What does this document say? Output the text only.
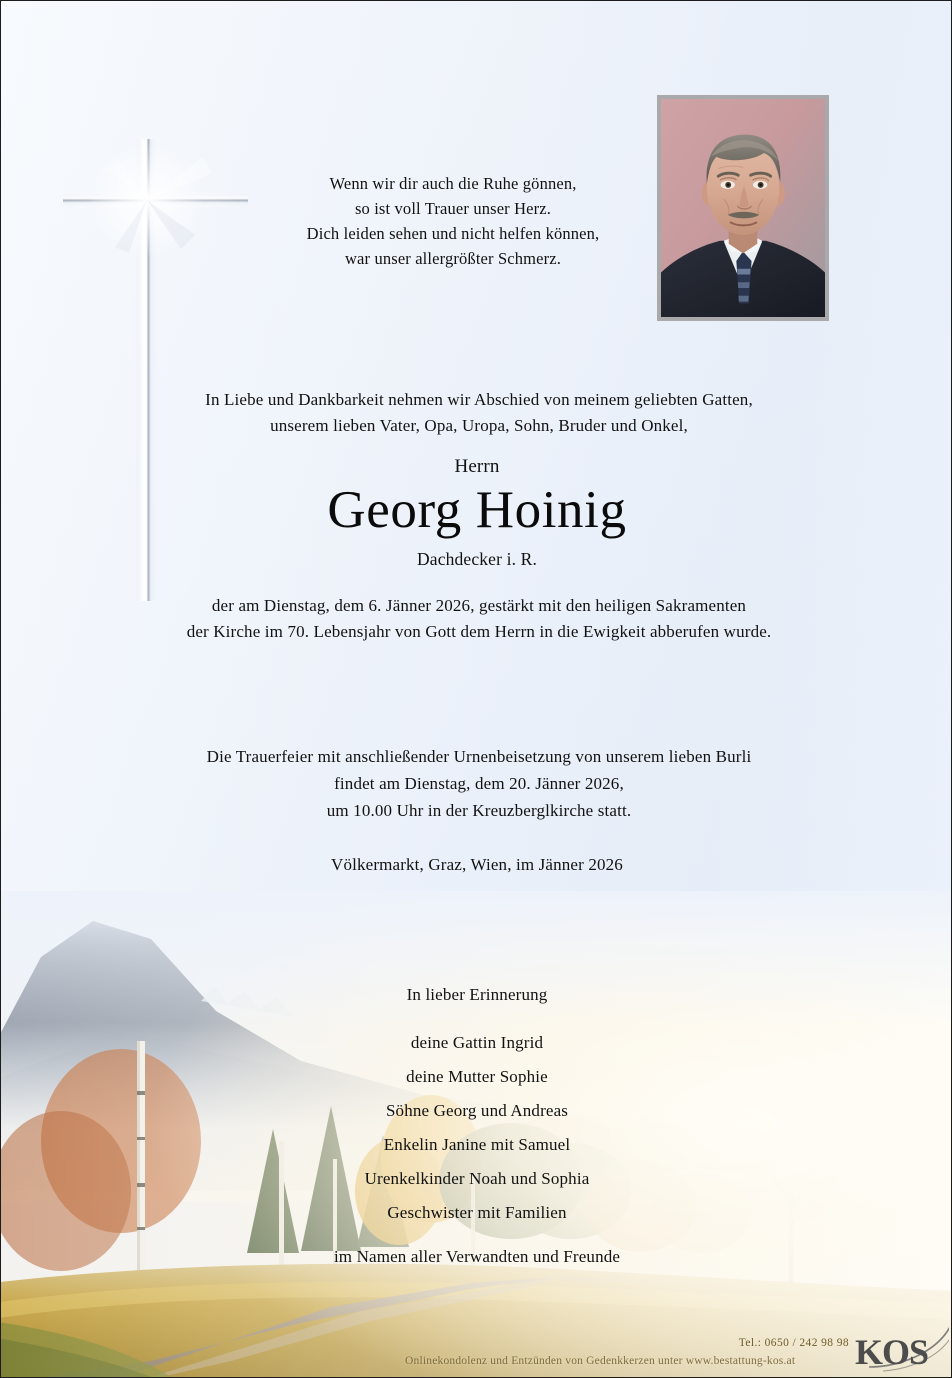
Tel.: 0650 / 242 98 98
Onlinekondolenz und Entzünden von Gedenkkerzen unter www.bestattung-kos.at KOS
Wenn wir dir auch die Ruhe gönnen,
so ist voll Trauer unser Herz.
Dich leiden sehen und nicht helfen können,
war unser allergrößter Schmerz.
In Liebe und Dankbarkeit nehmen wir Abschied von meinem geliebten Gatten,
unserem lieben Vater, Opa, Uropa, Sohn, Bruder und Onkel,
Herrn
Georg Hoinig
Dachdecker i. R.
der am Dienstag, dem 6. Jänner 2026, gestärkt mit den heiligen Sakramenten
der Kirche im 70. Lebensjahr von Gott dem Herrn in die Ewigkeit abberufen wurde.
Die Trauerfeier mit anschließender Urnenbeisetzung von unserem lieben Burli
findet am Dienstag, dem 20. Jänner 2026,
um 10.00 Uhr in der Kreuzberglkirche statt.
Völkermarkt, Graz, Wien, im Jänner 2026
In lieber Erinnerung
deine Gattin Ingrid
deine Mutter Sophie
Söhne Georg und Andreas
Enkelin Janine mit Samuel
Urenkelkinder Noah und Sophia
Geschwister mit Familien
im Namen aller Verwandten und Freunde
